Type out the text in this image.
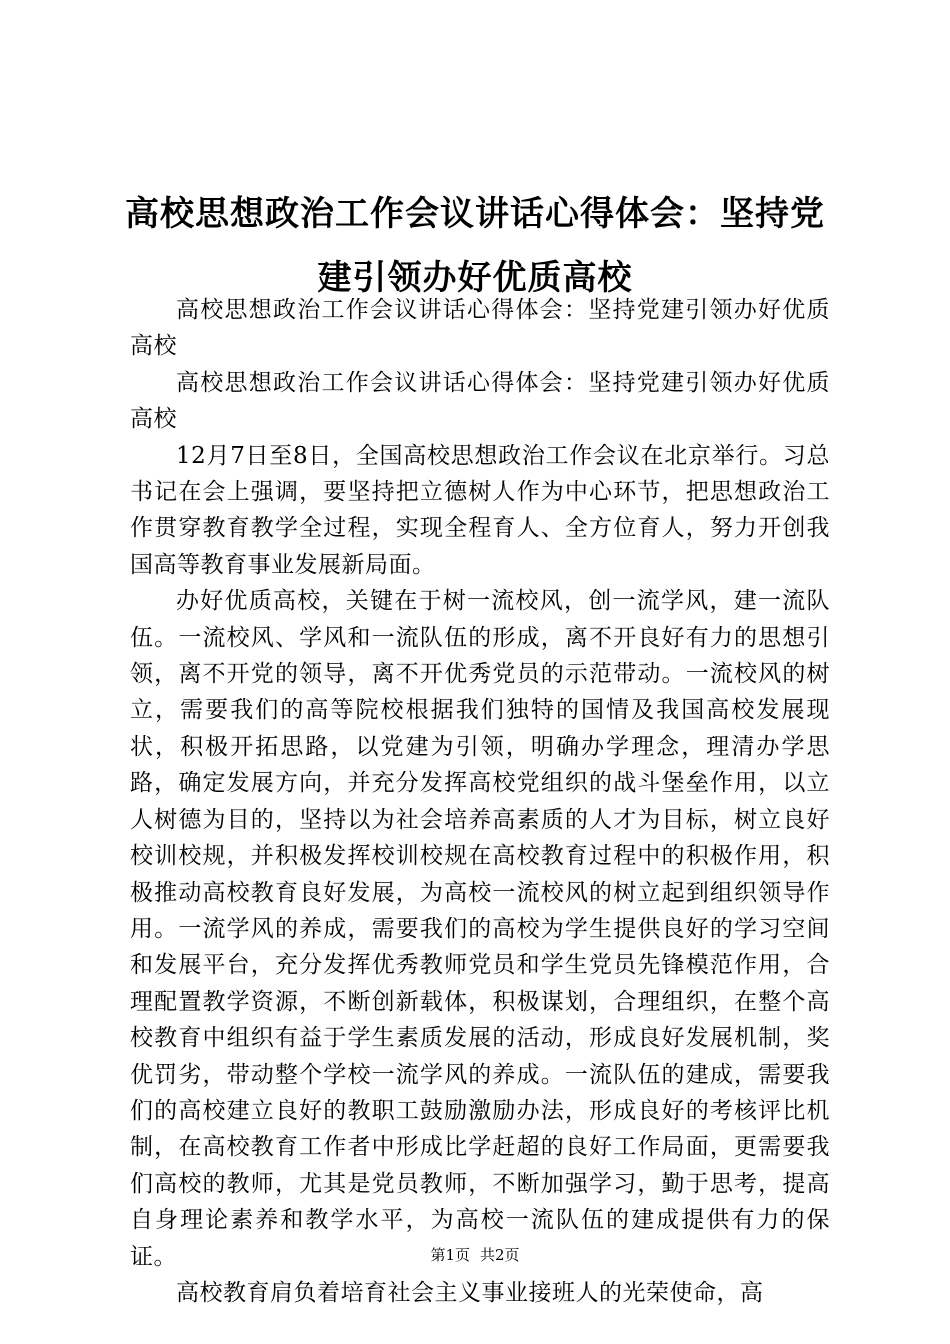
高校思想政治工作会议讲话心得体会：坚持党
建引领办好优质高校

高校思想政治工作会议讲话心得体会：坚持党建引领办好优质高校

高校思想政治工作会议讲话心得体会：坚持党建引领办好优质高校

12月7日至8日，全国高校思想政治工作会议在北京举行。习总书记在会上强调，要坚持把立德树人作为中心环节，把思想政治工作贯穿教育教学全过程，实现全程育人、全方位育人，努力开创我国高等教育事业发展新局面。

办好优质高校，关键在于树一流校风，创一流学风，建一流队伍。一流校风、学风和一流队伍的形成，离不开良好有力的思想引领，离不开党的领导，离不开优秀党员的示范带动。一流校风的树立，需要我们的高等院校根据我们独特的国情及我国高校发展现状，积极开拓思路，以党建为引领，明确办学理念，理清办学思路，确定发展方向，并充分发挥高校党组织的战斗堡垒作用，以立人树德为目的，坚持以为社会培养高素质的人才为目标，树立良好校训校规，并积极发挥校训校规在高校教育过程中的积极作用，积极推动高校教育良好发展，为高校一流校风的树立起到组织领导作用。一流学风的养成，需要我们的高校为学生提供良好的学习空间和发展平台，充分发挥优秀教师党员和学生党员先锋模范作用，合理配置教学资源，不断创新载体，积极谋划，合理组织，在整个高校教育中组织有益于学生素质发展的活动，形成良好发展机制，奖优罚劣，带动整个学校一流学风的养成。一流队伍的建成，需要我们的高校建立良好的教职工鼓励激励办法，形成良好的考核评比机制，在高校教育工作者中形成比学赶超的良好工作局面，更需要我们高校的教师，尤其是党员教师，不断加强学习，勤于思考，提高自身理论素养和教学水平，为高校一流队伍的建成提供有力的保证。

高校教育肩负着培育社会主义事业接班人的光荣使命，高

第1页 共2页
